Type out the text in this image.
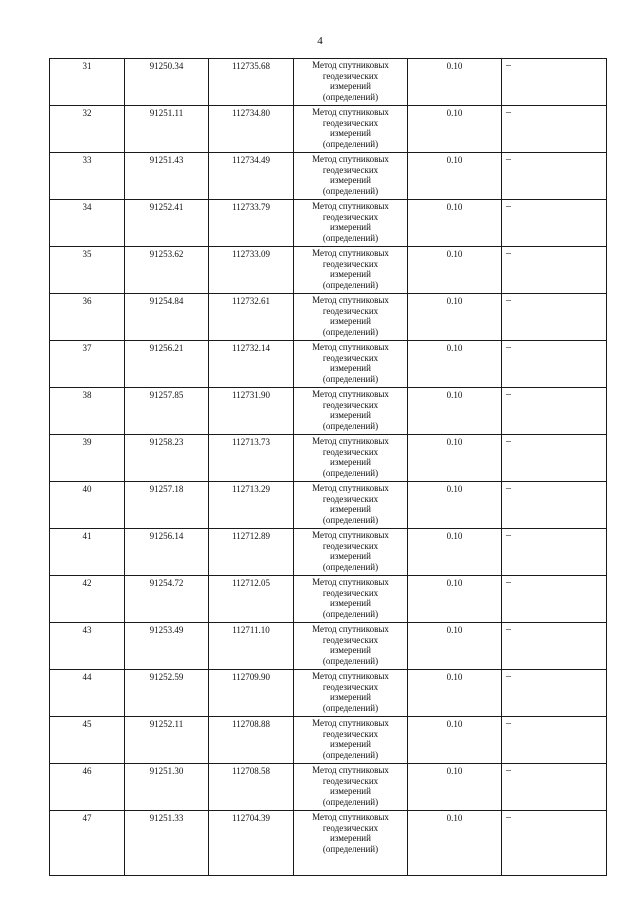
4
31	91250.34	112735.68	Метод спутниковых
геодезических
измерений
(определений)	0.10	–
32	91251.11	112734.80	Метод спутниковых
геодезических
измерений
(определений)	0.10	–
33	91251.43	112734.49	Метод спутниковых
геодезических
измерений
(определений)	0.10	–
34	91252.41	112733.79	Метод спутниковых
геодезических
измерений
(определений)	0.10	–
35	91253.62	112733.09	Метод спутниковых
геодезических
измерений
(определений)	0.10	–
36	91254.84	112732.61	Метод спутниковых
геодезических
измерений
(определений)	0.10	–
37	91256.21	112732.14	Метод спутниковых
геодезических
измерений
(определений)	0.10	–
38	91257.85	112731.90	Метод спутниковых
геодезических
измерений
(определений)	0.10	–
39	91258.23	112713.73	Метод спутниковых
геодезических
измерений
(определений)	0.10	–
40	91257.18	112713.29	Метод спутниковых
геодезических
измерений
(определений)	0.10	–
41	91256.14	112712.89	Метод спутниковых
геодезических
измерений
(определений)	0.10	–
42	91254.72	112712.05	Метод спутниковых
геодезических
измерений
(определений)	0.10	–
43	91253.49	112711.10	Метод спутниковых
геодезических
измерений
(определений)	0.10	–
44	91252.59	112709.90	Метод спутниковых
геодезических
измерений
(определений)	0.10	–
45	91252.11	112708.88	Метод спутниковых
геодезических
измерений
(определений)	0.10	–
46	91251.30	112708.58	Метод спутниковых
геодезических
измерений
(определений)	0.10	–
47	91251.33	112704.39	Метод спутниковых
геодезических
измерений
(определений)	0.10	–
